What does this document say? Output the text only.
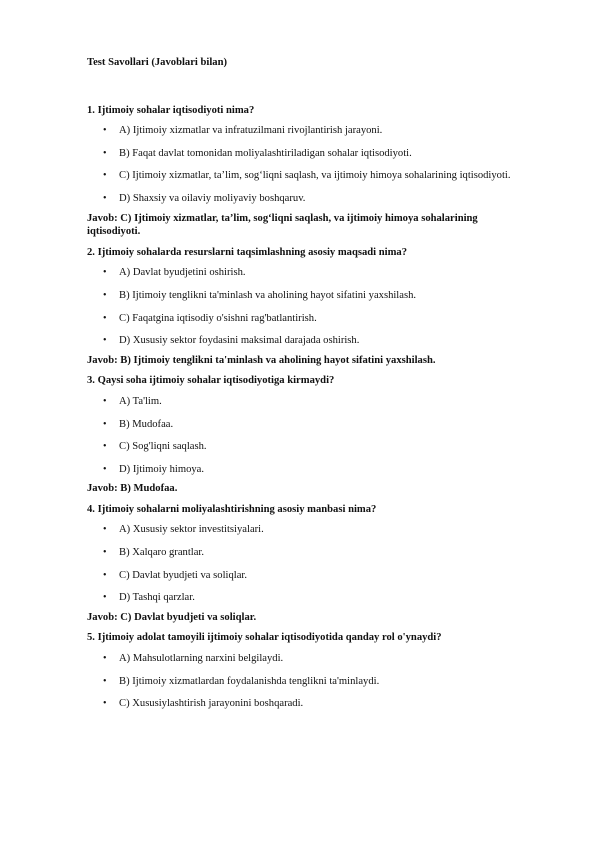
Test Savollari (Javoblari bilan)
1. Ijtimoiy sohalar iqtisodiyoti nima?
• A) Ijtimoiy xizmatlar va infratuzilmani rivojlantirish jarayoni.
• B) Faqat davlat tomonidan moliyalashtiriladigan sohalar iqtisodiyoti.
• C) Ijtimoiy xizmatlar, ta’lim, sog‘liqni saqlash, va ijtimoiy himoya sohalarining iqtisodiyoti.
• D) Shaxsiy va oilaviy moliyaviy boshqaruv.
Javob: C) Ijtimoiy xizmatlar, ta’lim, sog‘liqni saqlash, va ijtimoiy himoya sohalarining iqtisodiyoti.
2. Ijtimoiy sohalarda resurslarni taqsimlashning asosiy maqsadi nima?
• A) Davlat byudjetini oshirish.
• B) Ijtimoiy tenglikni ta'minlash va aholining hayot sifatini yaxshilash.
• C) Faqatgina iqtisodiy o'sishni rag'batlantirish.
• D) Xususiy sektor foydasini maksimal darajada oshirish.
Javob: B) Ijtimoiy tenglikni ta'minlash va aholining hayot sifatini yaxshilash.
3. Qaysi soha ijtimoiy sohalar iqtisodiyotiga kirmaydi?
• A) Ta'lim.
• B) Mudofaa.
• C) Sog'liqni saqlash.
• D) Ijtimoiy himoya.
Javob: B) Mudofaa.
4. Ijtimoiy sohalarni moliyalashtirishning asosiy manbasi nima?
• A) Xususiy sektor investitsiyalari.
• B) Xalqaro grantlar.
• C) Davlat byudjeti va soliqlar.
• D) Tashqi qarzlar.
Javob: C) Davlat byudjeti va soliqlar.
5. Ijtimoiy adolat tamoyili ijtimoiy sohalar iqtisodiyotida qanday rol o'ynaydi?
• A) Mahsulotlarning narxini belgilaydi.
• B) Ijtimoiy xizmatlardan foydalanishda tenglikni ta'minlaydi.
• C) Xususiylashtirish jarayonini boshqaradi.
